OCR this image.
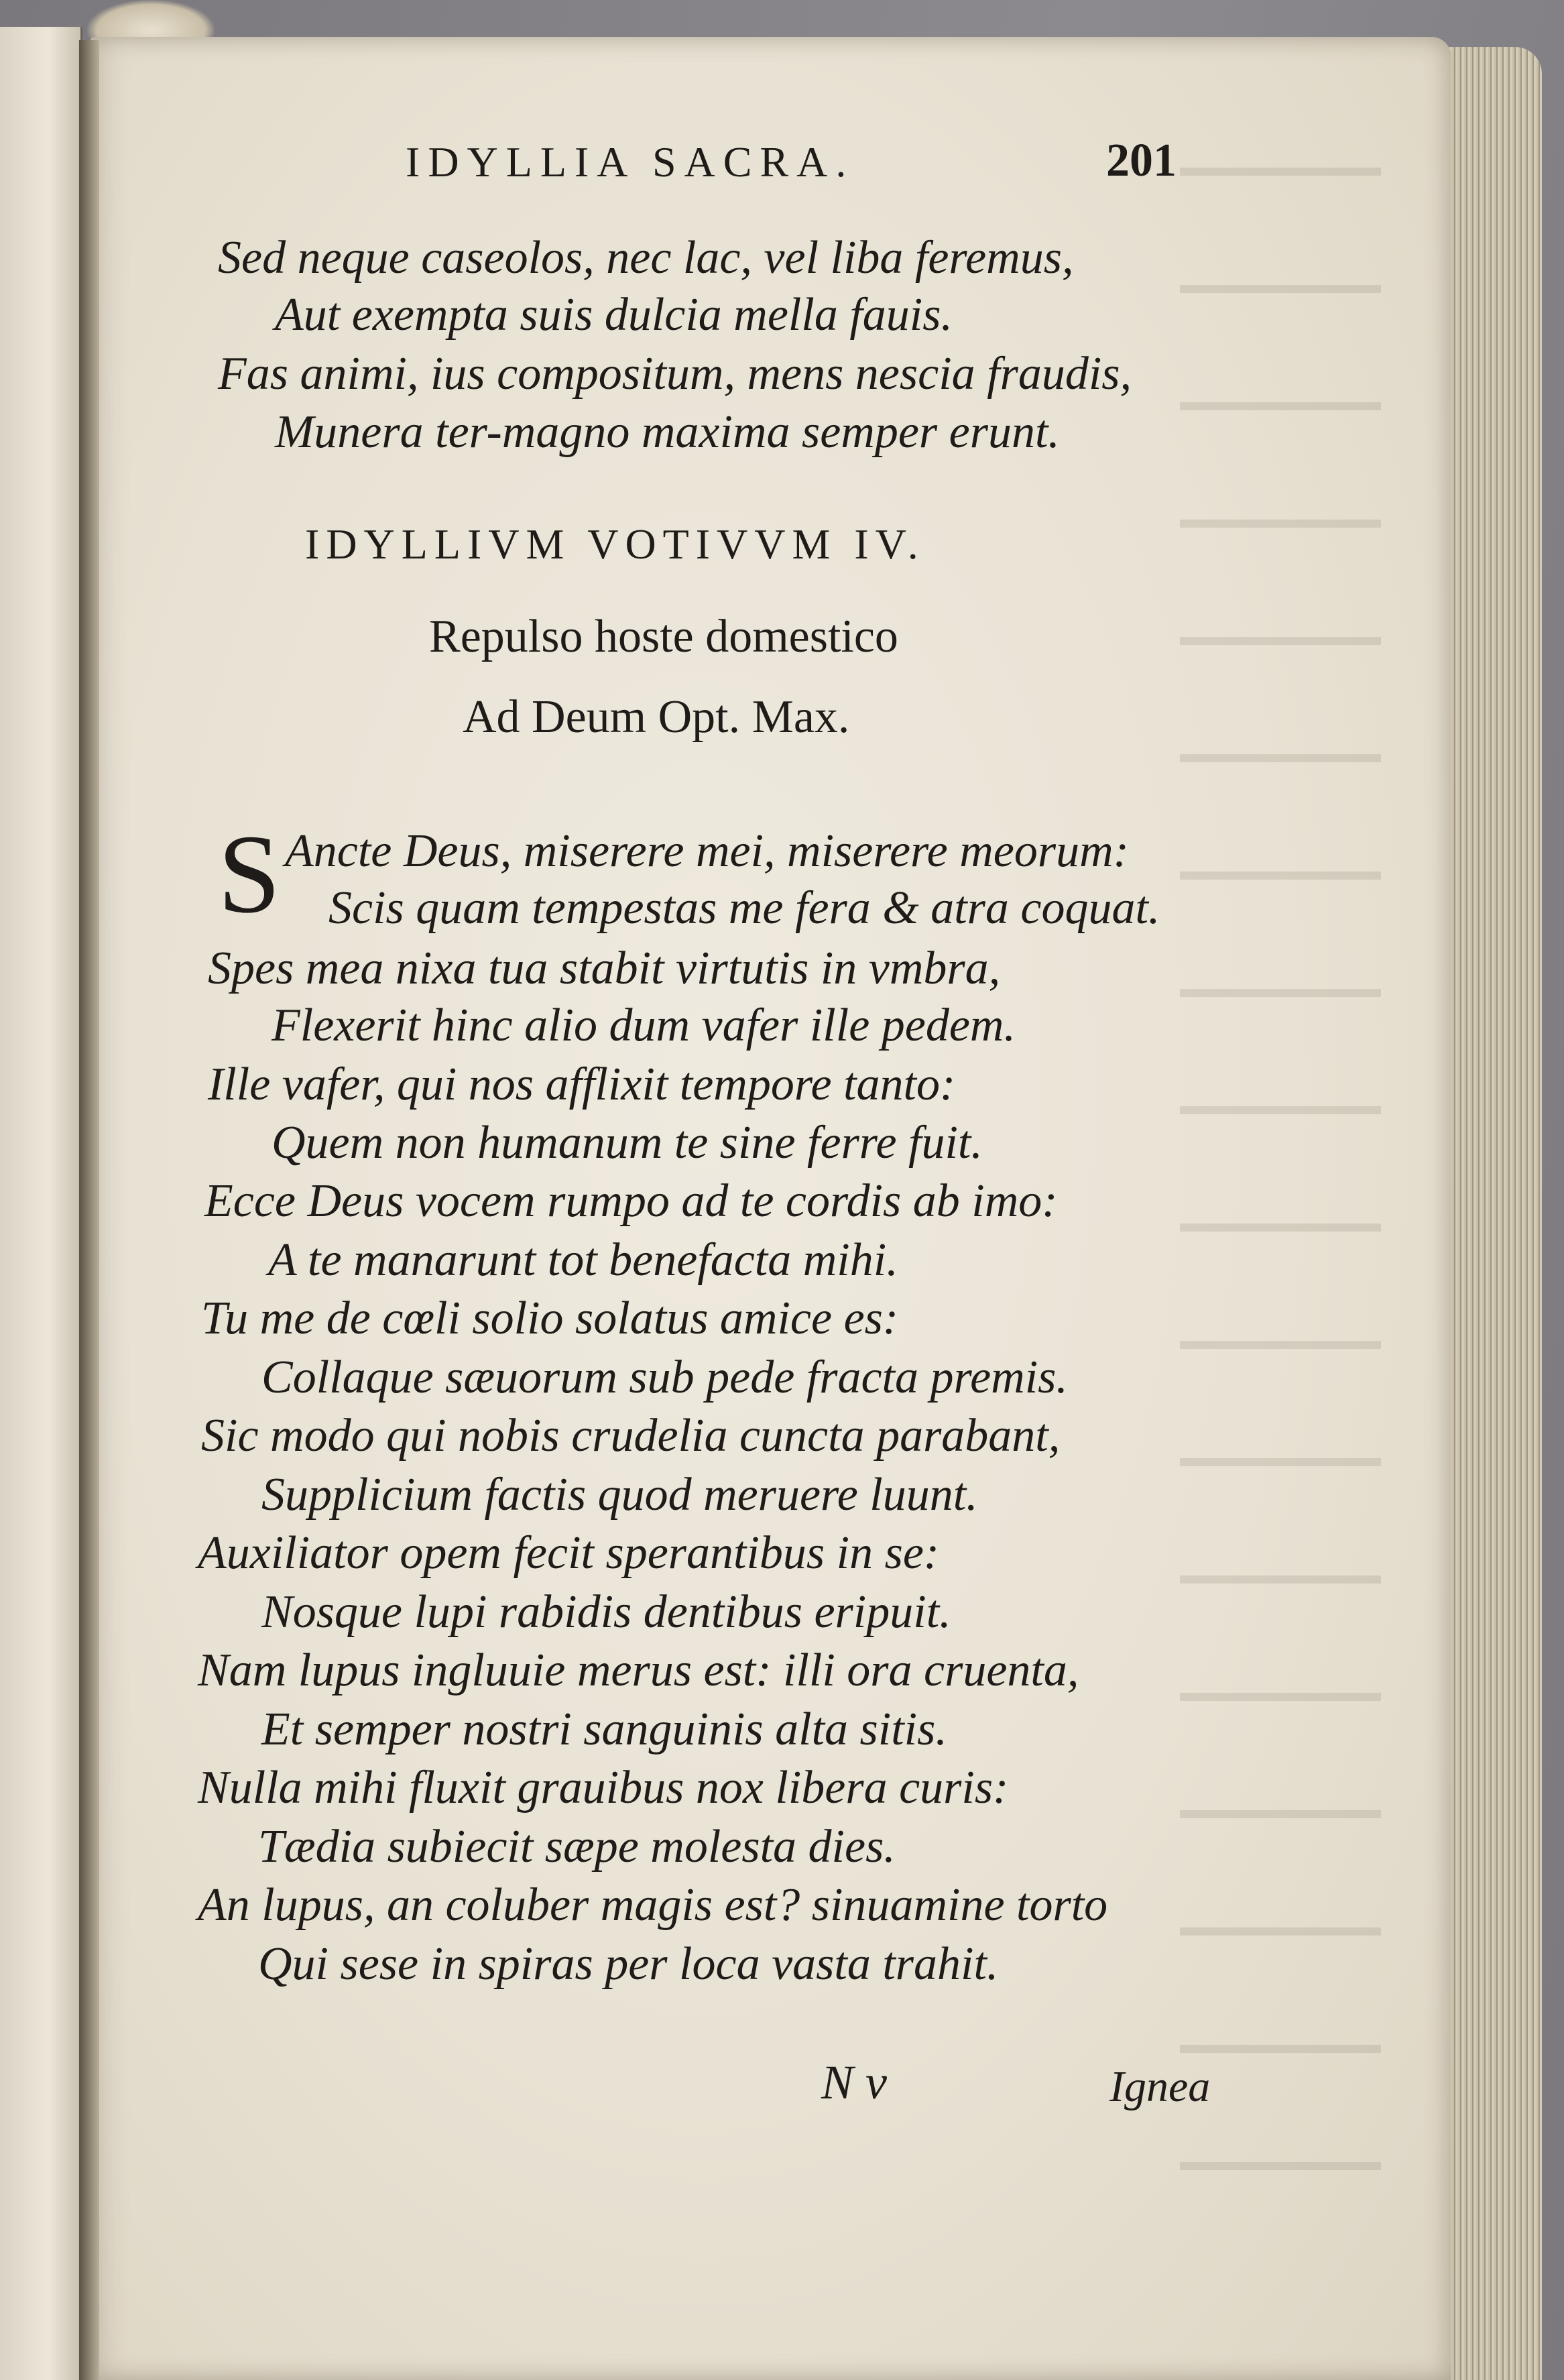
IDYLLIA SACRA.	201
Sed neque caseolos, nec lac, vel liba feremus,
Aut exempta suis dulcia mella fauis.
Fas animi, ius compositum, mens nescia fraudis,
Munera ter-magno maxima semper erunt.
IDYLLIVM VOTIVVM IV.
Repulso hoste domestico
Ad Deum Opt. Max.
S Ancte Deus, miserere mei, miserere meorum:
Scis quam tempestas me fera & atra coquat.
Spes mea nixa tua stabit virtutis in vmbra,
Flexerit hinc alio dum vafer ille pedem.
Ille vafer, qui nos afflixit tempore tanto:
Quem non humanum te sine ferre fuit.
Ecce Deus vocem rumpo ad te cordis ab imo:
A te manarunt tot benefacta mihi.
Tu me de cœli solio solatus amice es:
Collaque sæuorum sub pede fracta premis.
Sic modo qui nobis crudelia cuncta parabant,
Supplicium factis quod meruere luunt.
Auxiliator opem fecit sperantibus in se:
Nosque lupi rabidis dentibus eripuit.
Nam lupus ingluuie merus est: illi ora cruenta,
Et semper nostri sanguinis alta sitis.
Nulla mihi fluxit grauibus nox libera curis:
Tædia subiecit sæpe molesta dies.
An lupus, an coluber magis est? sinuamine torto
Qui sese in spiras per loca vasta trahit.
N v	Ignea
